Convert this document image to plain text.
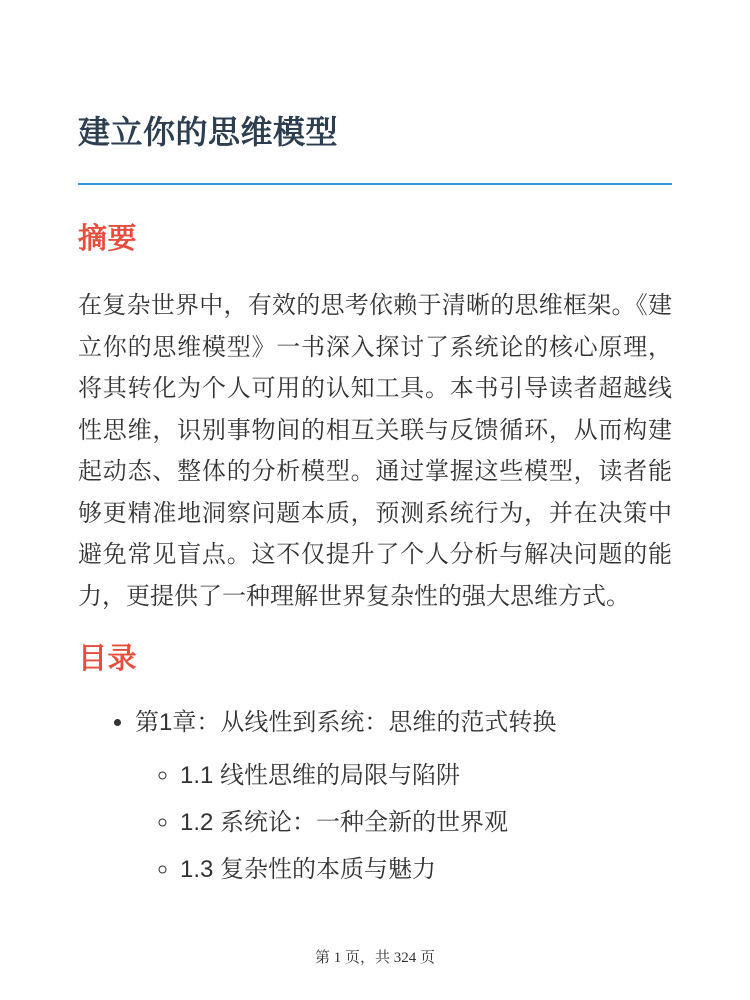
建立你的思维模型
摘要

在复杂世界中，有效的思考依赖于清晰的思维框架。《建立你的思维模型》一书深入探讨了系统论的核心原理，将其转化为个人可用的认知工具。本书引导读者超越线性思维，识别事物间的相互关联与反馈循环，从而构建起动态、整体的分析模型。通过掌握这些模型，读者能够更精准地洞察问题本质，预测系统行为，并在决策中避免常见盲点。这不仅提升了个人分析与解决问题的能力，更提供了一种理解世界复杂性的强大思维方式。

目录
• 第1章：从线性到系统：思维的范式转换
◦ 1.1 线性思维的局限与陷阱
◦ 1.2 系统论：一种全新的世界观
◦ 1.3 复杂性的本质与魅力
第 1 页，共 324 页
